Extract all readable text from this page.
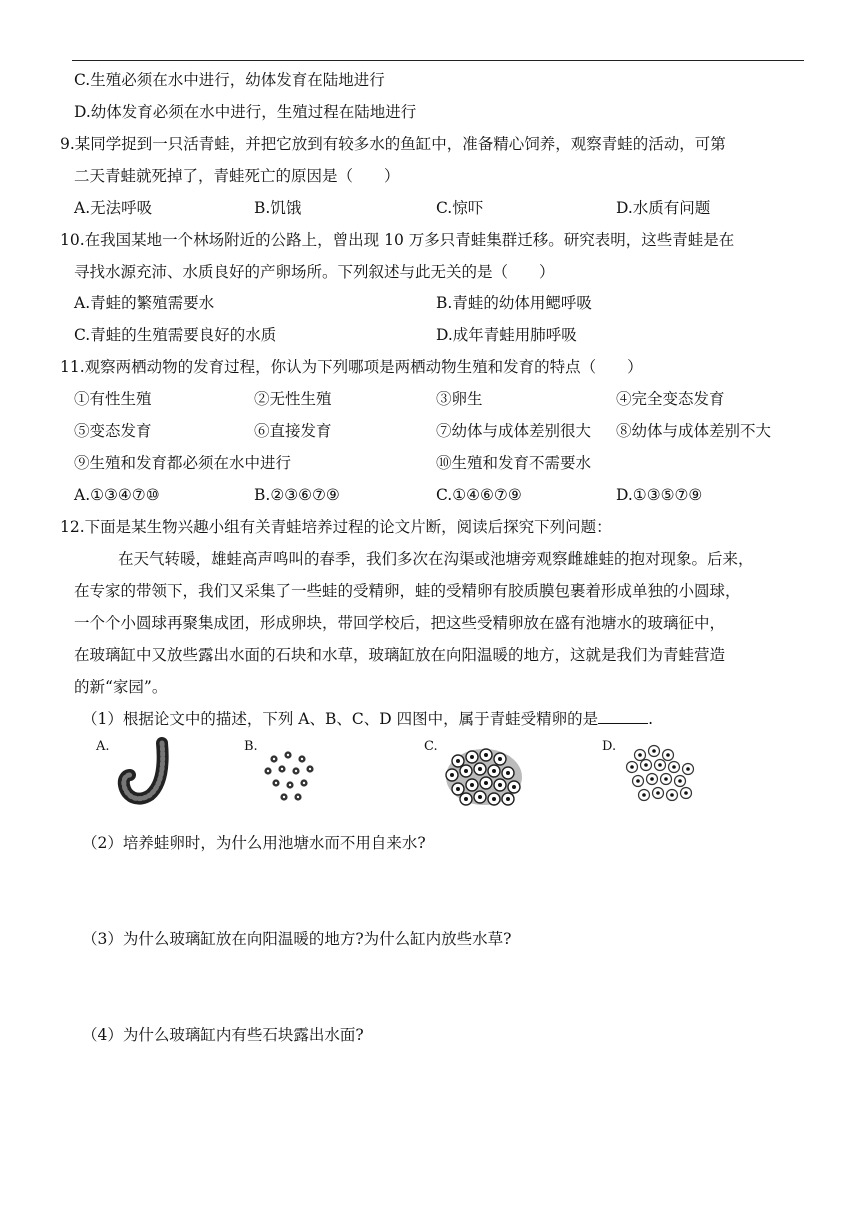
C.生殖必须在水中进行，幼体发育在陆地进行
D.幼体发育必须在水中进行，生殖过程在陆地进行
9.某同学捉到一只活青蛙，并把它放到有较多水的鱼缸中，准备精心饲养，观察青蛙的活动，可第
二天青蛙就死掉了，青蛙死亡的原因是（　　）
A.无法呼吸	B.饥饿	C.惊吓	D.水质有问题
10.在我国某地一个林场附近的公路上，曾出现 10 万多只青蛙集群迁移。研究表明，这些青蛙是在
寻找水源充沛、水质良好的产卵场所。下列叙述与此无关的是（　　）
A.青蛙的繁殖需要水	B.青蛙的幼体用鳃呼吸
C.青蛙的生殖需要良好的水质	D.成年青蛙用肺呼吸
11.观察两栖动物的发育过程，你认为下列哪项是两栖动物生殖和发育的特点（　　）
①有性生殖	②无性生殖	③卵生	④完全变态发育
⑤变态发育	⑥直接发育	⑦幼体与成体差别很大 ⑧幼体与成体差别不大
⑨生殖和发育都必须在水中进行	⑩生殖和发育不需要水
A.①③④⑦⑩	B.②③⑥⑦⑨	C.①④⑥⑦⑨	D.①③⑤⑦⑨
12.下面是某生物兴趣小组有关青蛙培养过程的论文片断，阅读后探究下列问题：
在天气转暖，雄蛙高声鸣叫的春季，我们多次在沟渠或池塘旁观察雌雄蛙的抱对现象。后来，
在专家的带领下，我们又采集了一些蛙的受精卵，蛙的受精卵有胶质膜包裹着形成单独的小圆球，
一个个小圆球再聚集成团，形成卵块，带回学校后，把这些受精卵放在盛有池塘水的玻璃征中，
在玻璃缸中又放些露出水面的石块和水草，玻璃缸放在向阳温暖的地方，这就是我们为青蛙营造
的新“家园”。
（1）根据论文中的描述，下列 A、B、C、D 四图中，属于青蛙受精卵的是	.
A.	B.	C.	D.
（2）培养蛙卵时，为什么用池塘水而不用自来水?
（3）为什么玻璃缸放在向阳温暖的地方?为什么缸内放些水草?
（4）为什么玻璃缸内有些石块露出水面?
